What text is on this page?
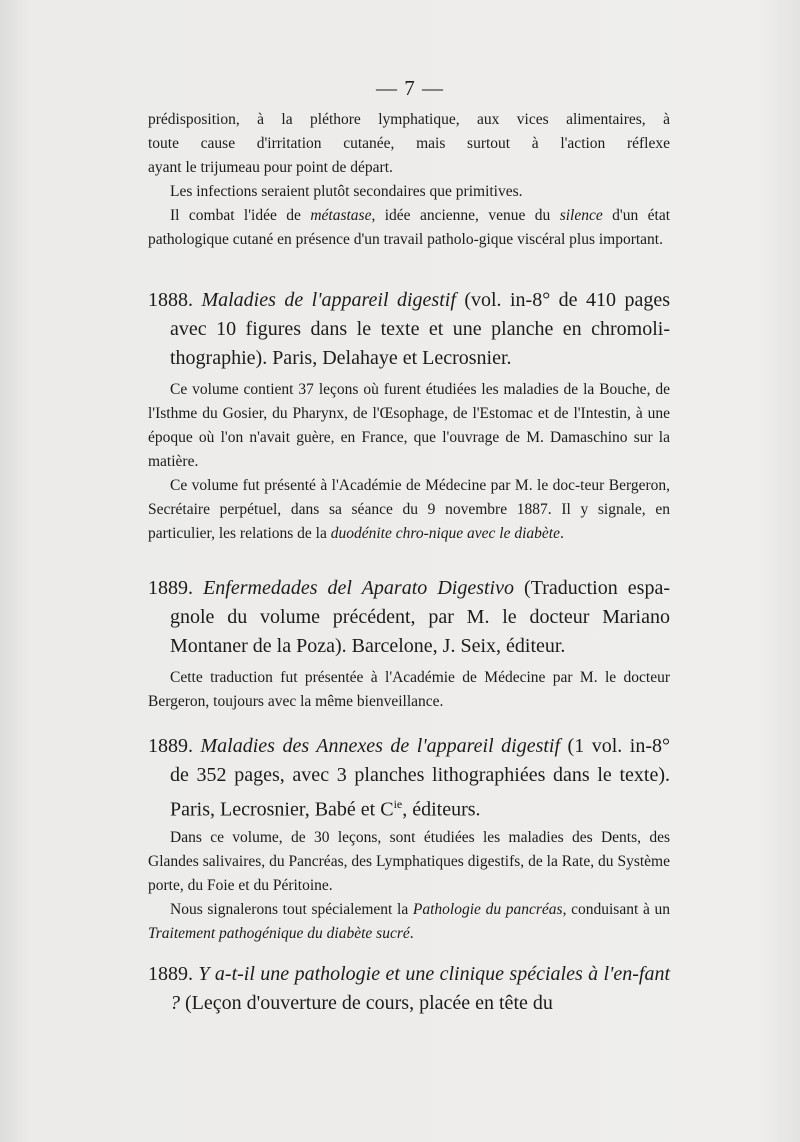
— 7 —

prédisposition, à la pléthore lymphatique, aux vices alimentaires, à

toute cause d'irritation cutanée, mais surtout à l'action réflexe

ayant le trijumeau pour point de départ.

Les infections seraient plutôt secondaires que primitives.

Il combat l'idée de métastase, idée ancienne, venue du silence d'un état pathologique cutané en présence d'un travail patholo-gique viscéral plus important.

1888. Maladies de l'appareil digestif (vol. in-8° de 410 pages avec 10 figures dans le texte et une planche en chromoli-thographie). Paris, Delahaye et Lecrosnier.

Ce volume contient 37 leçons où furent étudiées les maladies de la Bouche, de l'Isthme du Gosier, du Pharynx, de l'Œsophage, de l'Estomac et de l'Intestin, à une époque où l'on n'avait guère, en France, que l'ouvrage de M. Damaschino sur la matière.

Ce volume fut présenté à l'Académie de Médecine par M. le doc-teur Bergeron, Secrétaire perpétuel, dans sa séance du 9 novembre 1887. Il y signale, en particulier, les relations de la duodénite chro-nique avec le diabète.

1889. Enfermedades del Aparato Digestivo (Traduction espa-gnole du volume précédent, par M. le docteur Mariano Montaner de la Poza). Barcelone, J. Seix, éditeur.

Cette traduction fut présentée à l'Académie de Médecine par M. le docteur Bergeron, toujours avec la même bienveillance.

1889. Maladies des Annexes de l'appareil digestif (1 vol. in-8° de 352 pages, avec 3 planches lithographiées dans le texte). Paris, Lecrosnier, Babé et $C^{ie}$, éditeurs.

Dans ce volume, de 30 leçons, sont étudiées les maladies des Dents, des Glandes salivaires, du Pancréas, des Lymphatiques digestifs, de la Rate, du Système porte, du Foie et du Péritoine.

Nous signalerons tout spécialement la Pathologie du pancréas, conduisant à un Traitement pathogénique du diabète sucré.

1889. Y a-t-il une pathologie et une clinique spéciales à l'en-fant ? (Leçon d'ouverture de cours, placée en tête du
